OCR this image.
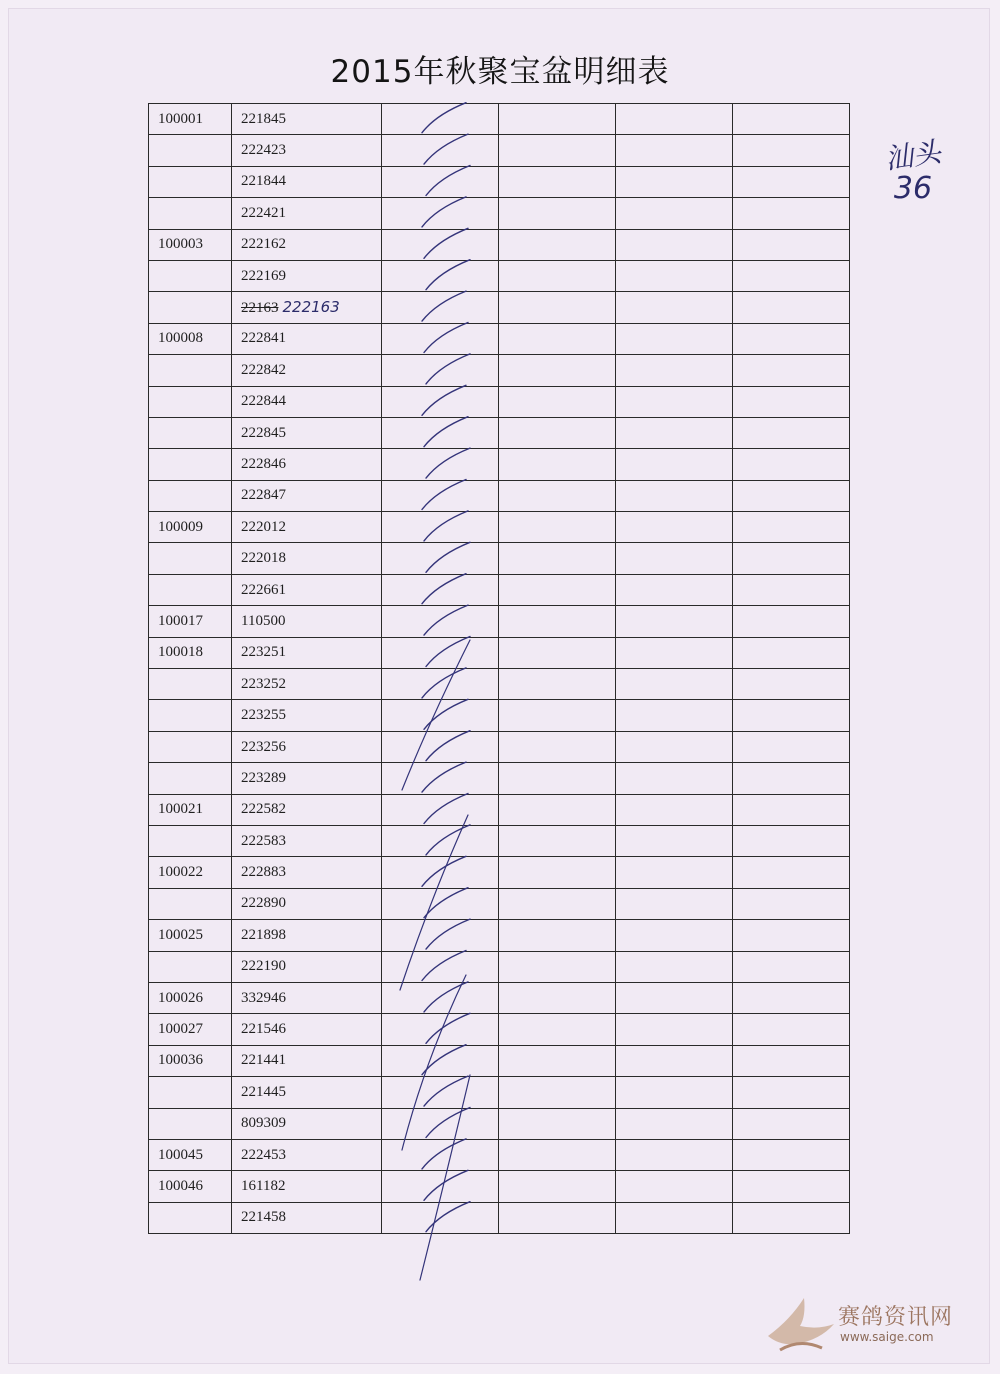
2015年秋聚宝盆明细表
100001	221845				
	222423				
	221844				
	222421				
100003	222162				
	222169				
	22163 222163				
100008	222841				
	222842				
	222844				
	222845				
	222846				
	222847				
100009	222012				
	222018				
	222661				
100017	110500				
100018	223251				
	223252				
	223255				
	223256				
	223289				
100021	222582				
	222583				
100022	222883				
	222890				
100025	221898				
	222190				
100026	332946				
100027	221546				
100036	221441				
	221445				
	809309				
100045	222453				
100046	161182				
	221458				
汕头
36
赛鸽资讯网
www.saige.com
